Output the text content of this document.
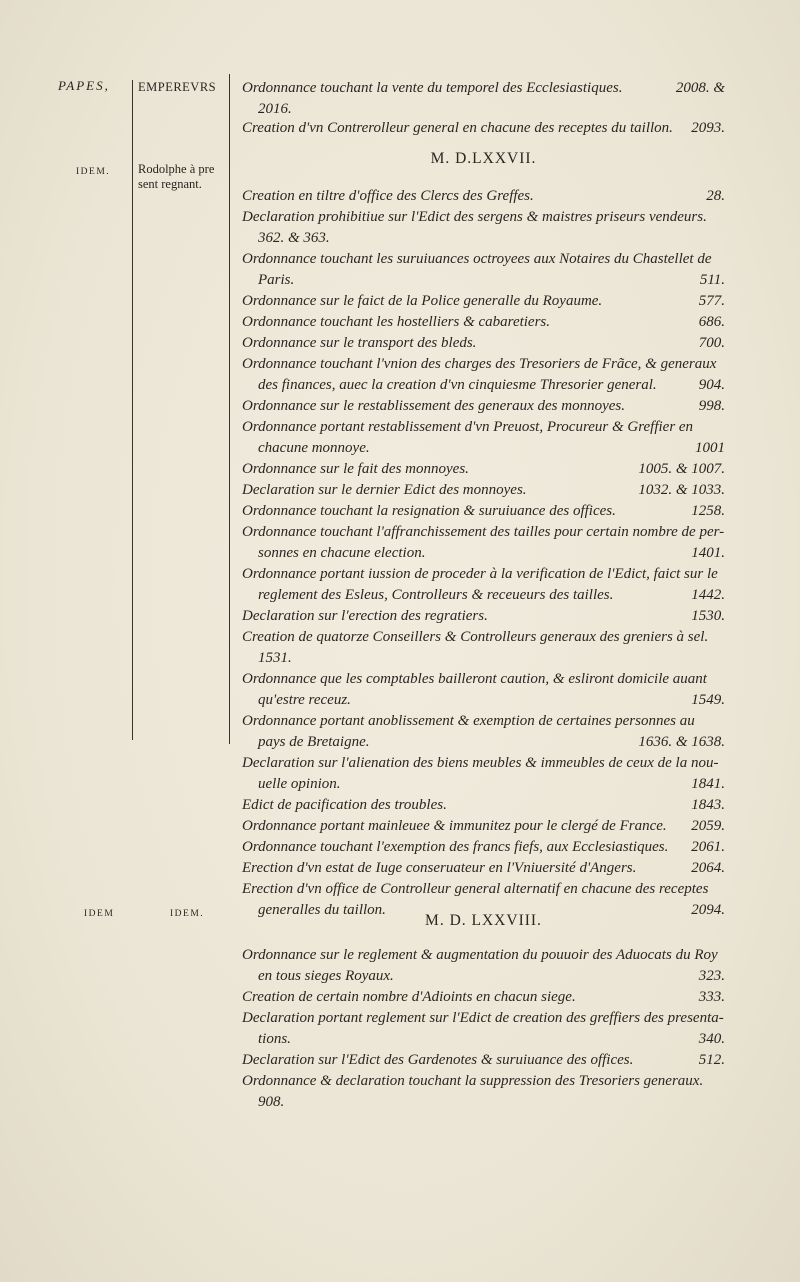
PAPES,	EMPEREVRS
IDEM. Rodolphe à pre
sent regnant.
IDEM	IDEM.
Ordonnance touchant la vente du temporel des Ecclesiastiques.	2008. &
2016.
Creation d'vn Contrerolleur general en chacune des receptes du taillon. 2093.
M. D.LXXVII.
Creation en tiltre d'office des Clercs des Greffes.	28.
Declaration prohibitiue sur l'Edict des sergens & maistres priseurs vendeurs.
362. & 363.
Ordonnance touchant les suruiuances octroyees aux Notaires du Chastellet de
Paris.	511.
Ordonnance sur le faict de la Police generalle du Royaume.	577.
Ordonnance touchant les hostelliers & cabaretiers.	686.
Ordonnance sur le transport des bleds.	700.
Ordonnance touchant l'vnion des charges des Tresoriers de Frãce, & generaux
des finances, auec la creation d'vn cinquiesme Thresorier general.	904.
Ordonnance sur le restablissement des generaux des monnoyes.	998.
Ordonnance portant restablissement d'vn Preuost, Procureur & Greffier en
chacune monnoye.	1001
Ordonnance sur le fait des monnoyes.	1005. & 1007.
Declaration sur le dernier Edict des monnoyes.	1032. & 1033.
Ordonnance touchant la resignation & suruiuance des offices.	1258.
Ordonnance touchant l'affranchissement des tailles pour certain nombre de per-
sonnes en chacune election.	1401.
Ordonnance portant iussion de proceder à la verification de l'Edict, faict sur le
reglement des Esleus, Controlleurs & receueurs des tailles.	1442.
Declaration sur l'erection des regratiers.	1530.
Creation de quatorze Conseillers & Controlleurs generaux des greniers à sel.
1531.
Ordonnance que les comptables bailleront caution, & esliront domicile auant
qu'estre receuz.	1549.
Ordonnance portant anoblissement & exemption de certaines personnes au
pays de Bretaigne.	1636. & 1638.
Declaration sur l'alienation des biens meubles & immeubles de ceux de la nou-
uelle opinion.	1841.
Edict de pacification des troubles.	1843.
Ordonnance portant mainleuee & immunitez pour le clergé de France. 2059.
Ordonnance touchant l'exemption des francs fiefs, aux Ecclesiastiques. 2061.
Erection d'vn estat de Iuge conseruateur en l'Vniuersité d'Angers.	2064.
Erection d'vn office de Controlleur general alternatif en chacune des receptes
generalles du taillon.	2094.
M. D. LXXVIII.
Ordonnance sur le reglement & augmentation du pouuoir des Aduocats du Roy
en tous sieges Royaux.	323.
Creation de certain nombre d'Adioints en chacun siege.	333.
Declaration portant reglement sur l'Edict de creation des greffiers des presenta-
tions.	340.
Declaration sur l'Edict des Gardenotes & suruiuance des offices.	512.
Ordonnance & declaration touchant la suppression des Tresoriers generaux.
908.
